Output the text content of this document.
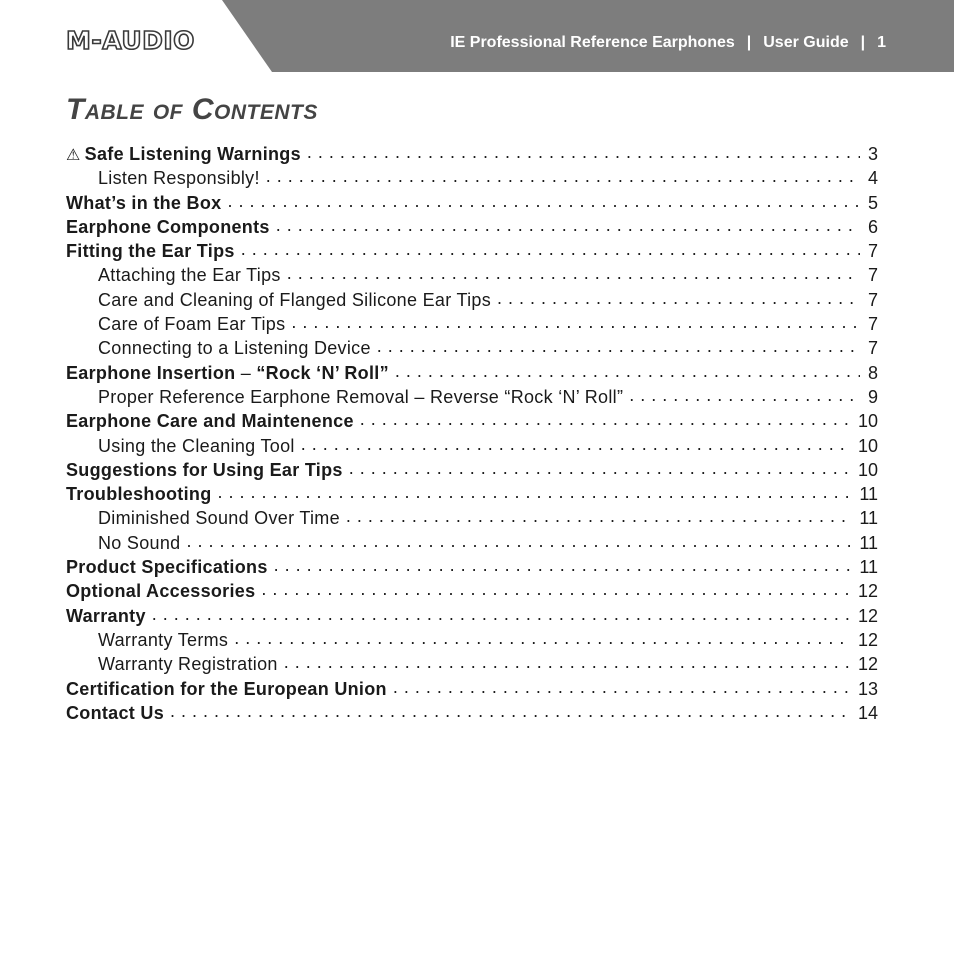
M-AUDIO	IE Professional Reference Earphones | User Guide | 1
Table of Contents
⚠ Safe Listening Warnings . . .	3
Listen Responsibly! . . .	4
What’s in the Box . . .	5
Earphone Components . . .	6
Fitting the Ear Tips . . .	7
Attaching the Ear Tips . . .	7
Care and Cleaning of Flanged Silicone Ear Tips . . .	7
Care of Foam Ear Tips . . .	7
Connecting to a Listening Device . . .	7
Earphone Insertion – “Rock ‘N’ Roll” . . .	8
Proper Reference Earphone Removal – Reverse “Rock ‘N’ Roll” . . .	9
Earphone Care and Maintenence . . .	10
Using the Cleaning Tool . . .	10
Suggestions for Using Ear Tips . . .	10
Troubleshooting . . .	11
Diminished Sound Over Time . . .	11
No Sound . . .	11
Product Specifications . . .	11
Optional Accessories . . .	12
Warranty . . .	12
Warranty Terms . . .	12
Warranty Registration . . .	12
Certification for the European Union . . .	13
Contact Us . . .	14
